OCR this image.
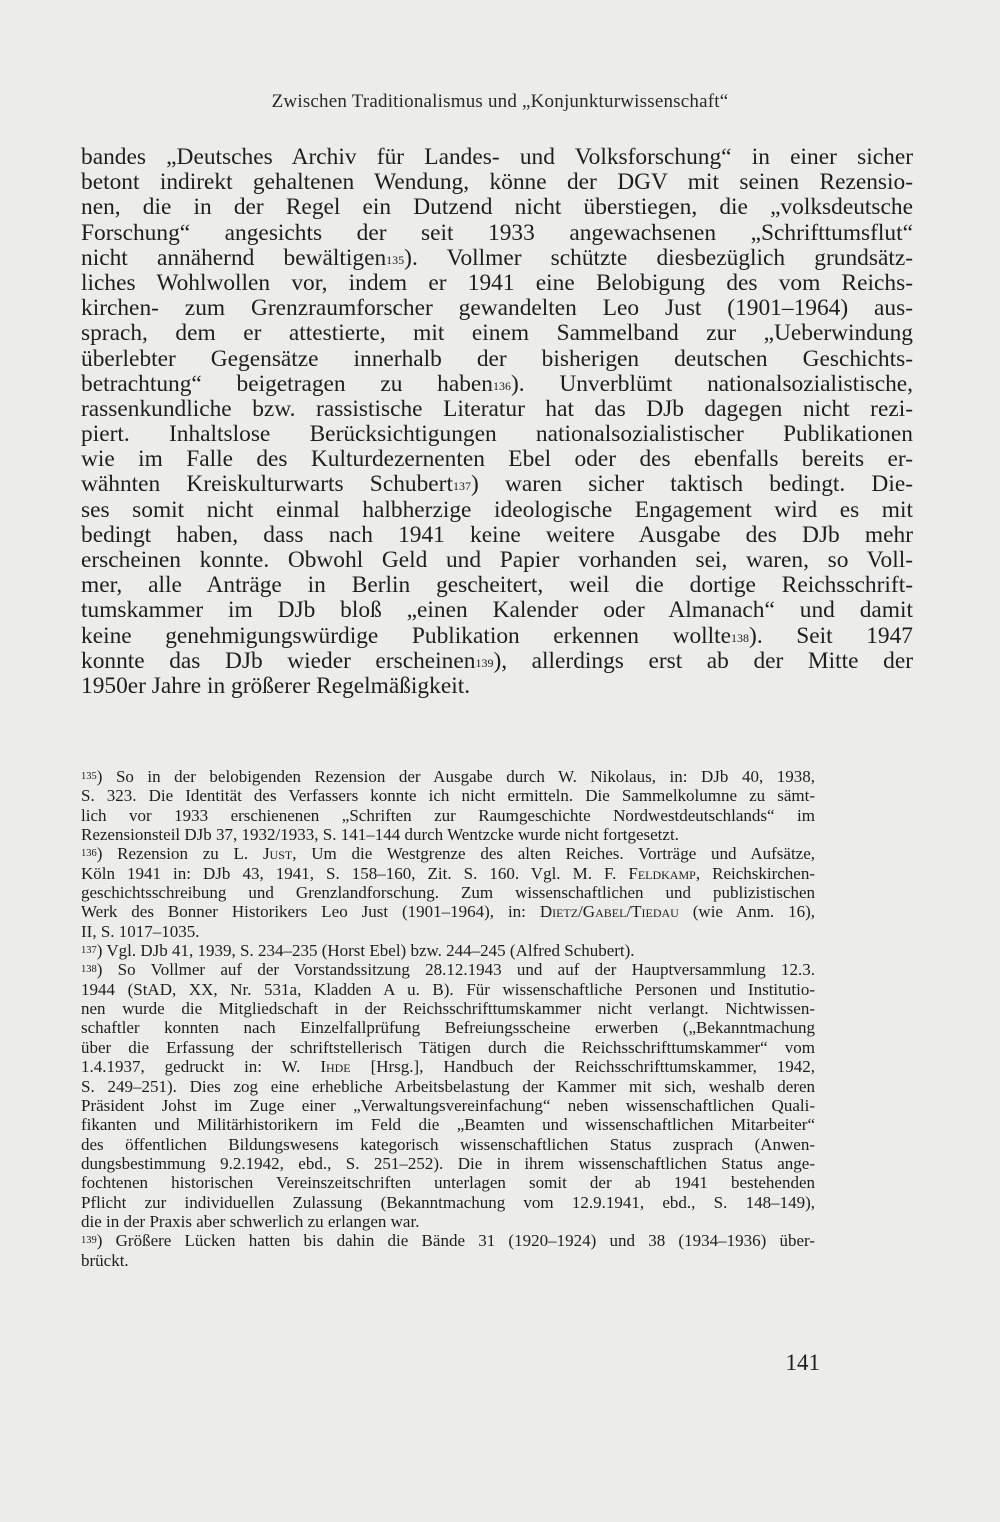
Zwischen Traditionalismus und „Konjunkturwissenschaft“
bandes „Deutsches Archiv für Landes- und Volksforschung“ in einer sicher
betont indirekt gehaltenen Wendung, könne der DGV mit seinen Rezensio-
nen, die in der Regel ein Dutzend nicht überstiegen, die „volksdeutsche
Forschung“ angesichts der seit 1933 angewachsenen „Schrifttumsflut“
nicht annähernd bewältigen$^{135}$). Vollmer schützte diesbezüglich grundsätz-
liches Wohlwollen vor, indem er 1941 eine Belobigung des vom Reichs-
kirchen- zum Grenzraumforscher gewandelten Leo Just (1901–1964) aus-
sprach, dem er attestierte, mit einem Sammelband zur „Ueberwindung
überlebter Gegensätze innerhalb der bisherigen deutschen Geschichts-
betrachtung“ beigetragen zu haben$^{136}$). Unverblümt nationalsozialistische,
rassenkundliche bzw. rassistische Literatur hat das DJb dagegen nicht rezi-
piert. Inhaltslose Berücksichtigungen nationalsozialistischer Publikationen
wie im Falle des Kulturdezernenten Ebel oder des ebenfalls bereits er-
wähnten Kreiskulturwarts Schubert$^{137}$) waren sicher taktisch bedingt. Die-
ses somit nicht einmal halbherzige ideologische Engagement wird es mit
bedingt haben, dass nach 1941 keine weitere Ausgabe des DJb mehr
erscheinen konnte. Obwohl Geld und Papier vorhanden sei, waren, so Voll-
mer, alle Anträge in Berlin gescheitert, weil die dortige Reichsschrift-
tumskammer im DJb bloß „einen Kalender oder Almanach“ und damit
keine genehmigungswürdige Publikation erkennen wollte$^{138}$). Seit 1947
konnte das DJb wieder erscheinen$^{139}$), allerdings erst ab der Mitte der
1950er Jahre in größerer Regelmäßigkeit.
$^{135}$) So in der belobigenden Rezension der Ausgabe durch W. Nikolaus, in: DJb 40, 1938,
S. 323. Die Identität des Verfassers konnte ich nicht ermitteln. Die Sammelkolumne zu sämt-
lich vor 1933 erschienenen „Schriften zur Raumgeschichte Nordwestdeutschlands“ im
Rezensionsteil DJb 37, 1932/1933, S. 141–144 durch Wentzcke wurde nicht fortgesetzt.
$^{136}$) Rezension zu L. Just, Um die Westgrenze des alten Reiches. Vorträge und Aufsätze,
Köln 1941 in: DJb 43, 1941, S. 158–160, Zit. S. 160. Vgl. M. F. Feldkamp, Reichskirchen-
geschichtsschreibung und Grenzlandforschung. Zum wissenschaftlichen und publizistischen
Werk des Bonner Historikers Leo Just (1901–1964), in: Dietz/Gabel/Tiedau (wie Anm. 16),
II, S. 1017–1035.
$^{137}$) Vgl. DJb 41, 1939, S. 234–235 (Horst Ebel) bzw. 244–245 (Alfred Schubert).
$^{138}$) So Vollmer auf der Vorstandssitzung 28.12.1943 und auf der Hauptversammlung 12.3.
1944 (StAD, XX, Nr. 531a, Kladden A u. B). Für wissenschaftliche Personen und Institutio-
nen wurde die Mitgliedschaft in der Reichsschrifttumskammer nicht verlangt. Nichtwissen-
schaftler konnten nach Einzelfallprüfung Befreiungsscheine erwerben („Bekanntmachung
über die Erfassung der schriftstellerisch Tätigen durch die Reichsschrifttumskammer“ vom
1.4.1937, gedruckt in: W. Ihde [Hrsg.], Handbuch der Reichsschrifttumskammer, 1942,
S. 249–251). Dies zog eine erhebliche Arbeitsbelastung der Kammer mit sich, weshalb deren
Präsident Johst im Zuge einer „Verwaltungsvereinfachung“ neben wissenschaftlichen Quali-
fikanten und Militärhistorikern im Feld die „Beamten und wissenschaftlichen Mitarbeiter“
des öffentlichen Bildungswesens kategorisch wissenschaftlichen Status zusprach (Anwen-
dungsbestimmung 9.2.1942, ebd., S. 251–252). Die in ihrem wissenschaftlichen Status ange-
fochtenen historischen Vereinszeitschriften unterlagen somit der ab 1941 bestehenden
Pflicht zur individuellen Zulassung (Bekanntmachung vom 12.9.1941, ebd., S. 148–149),
die in der Praxis aber schwerlich zu erlangen war.
$^{139}$) Größere Lücken hatten bis dahin die Bände 31 (1920–1924) und 38 (1934–1936) über-
brückt.
141
